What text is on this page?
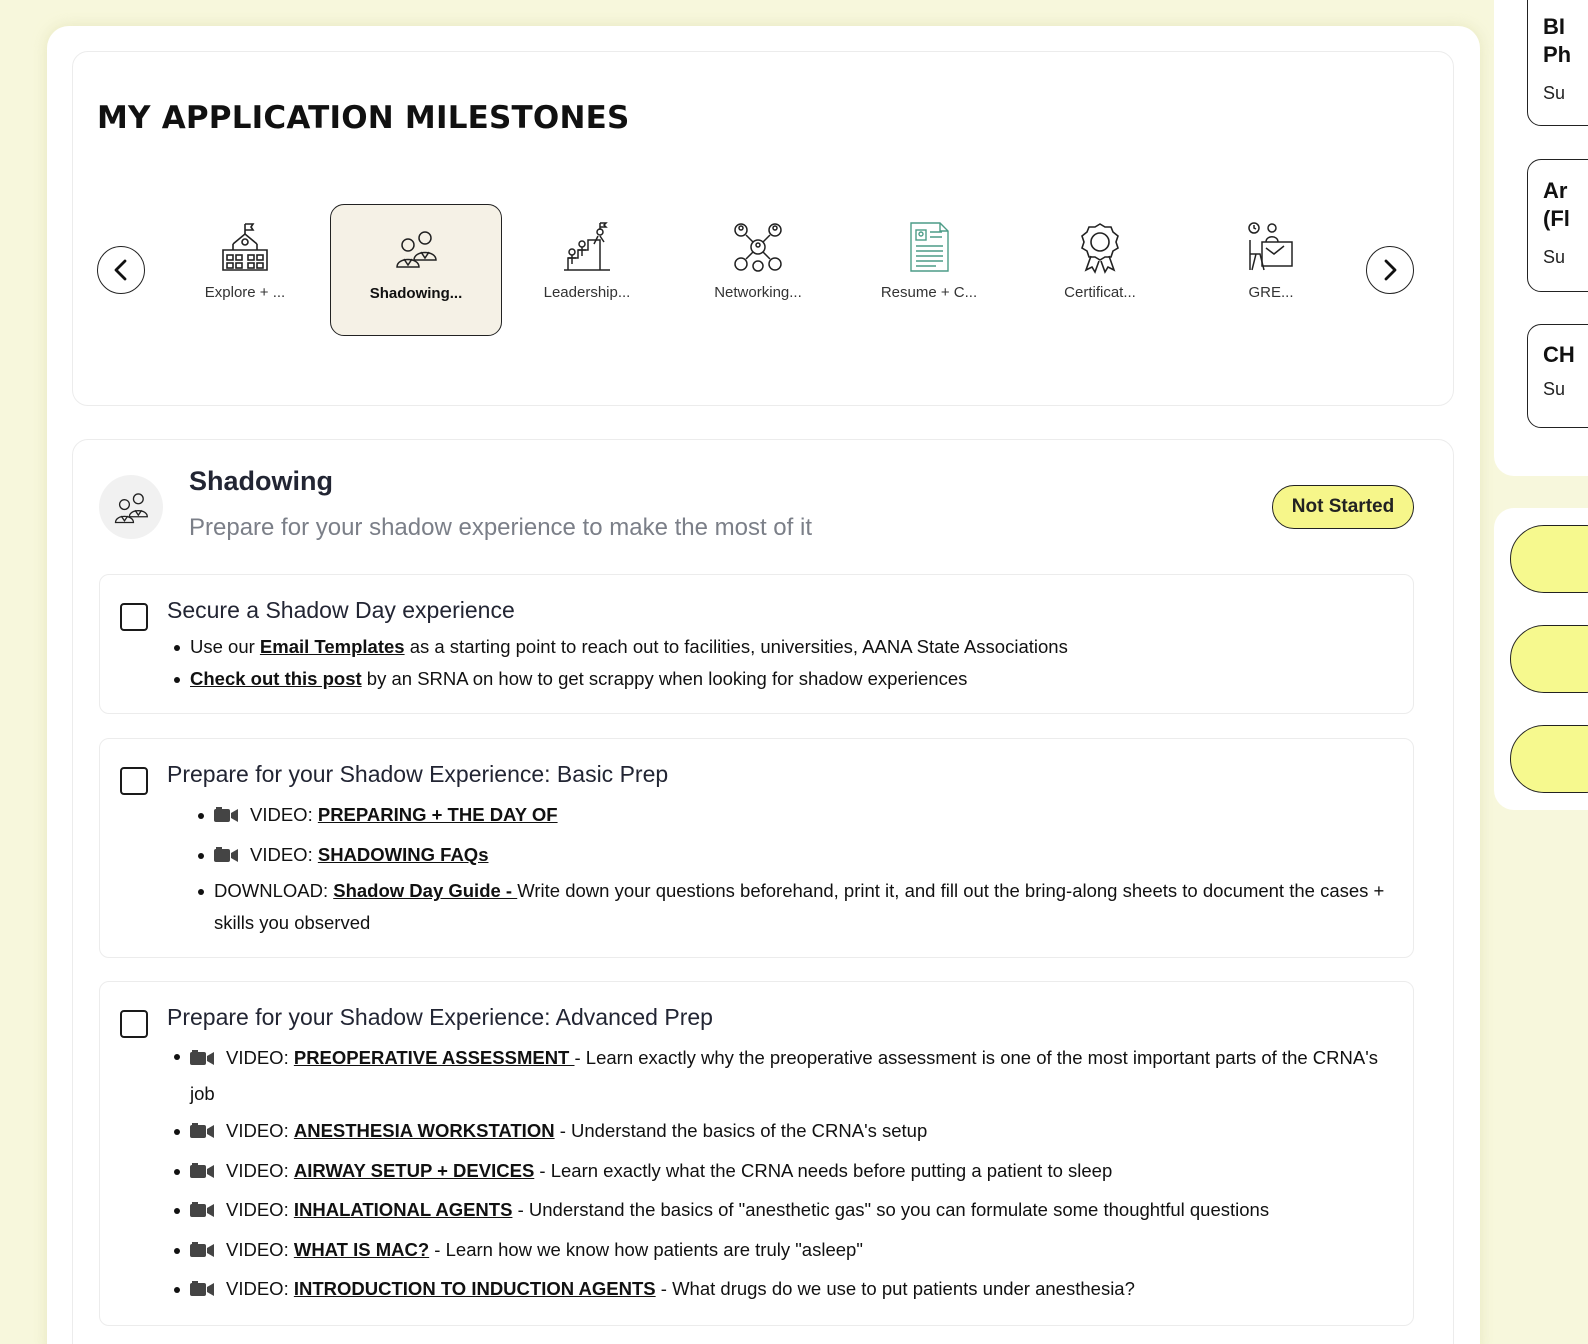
MY APPLICATION MILESTONES
Explore + ...	Shadowing...	Leadership...	Networking...	Resume + C...	Certificat...	GRE...
Shadowing
Prepare for your shadow experience to make the most of it
Not Started
Secure a Shadow Day experience
Use our Email Templates as a starting point to reach out to facilities, universities, AANA State Associations
Check out this post by an SRNA on how to get scrappy when looking for shadow experiences
Prepare for your Shadow Experience: Basic Prep
VIDEO: PREPARING + THE DAY OF
VIDEO: SHADOWING FAQs
DOWNLOAD: Shadow Day Guide - Write down your questions beforehand, print it, and fill out the bring-along sheets to document the cases + skills you observed
Prepare for your Shadow Experience: Advanced Prep
VIDEO: PREOPERATIVE ASSESSMENT - Learn exactly why the preoperative assessment is one of the most important parts of the CRNA's job
VIDEO: ANESTHESIA WORKSTATION - Understand the basics of the CRNA's setup
VIDEO: AIRWAY SETUP + DEVICES - Learn exactly what the CRNA needs before putting a patient to sleep
VIDEO: INHALATIONAL AGENTS - Understand the basics of "anesthetic gas" so you can formulate some thoughtful questions
VIDEO: WHAT IS MAC? - Learn how we know how patients are truly "asleep"
VIDEO: INTRODUCTION TO INDUCTION AGENTS - What drugs do we use to put patients under anesthesia?
BI
Ph
Su
Ar
(Fl
Su
CH
Su
